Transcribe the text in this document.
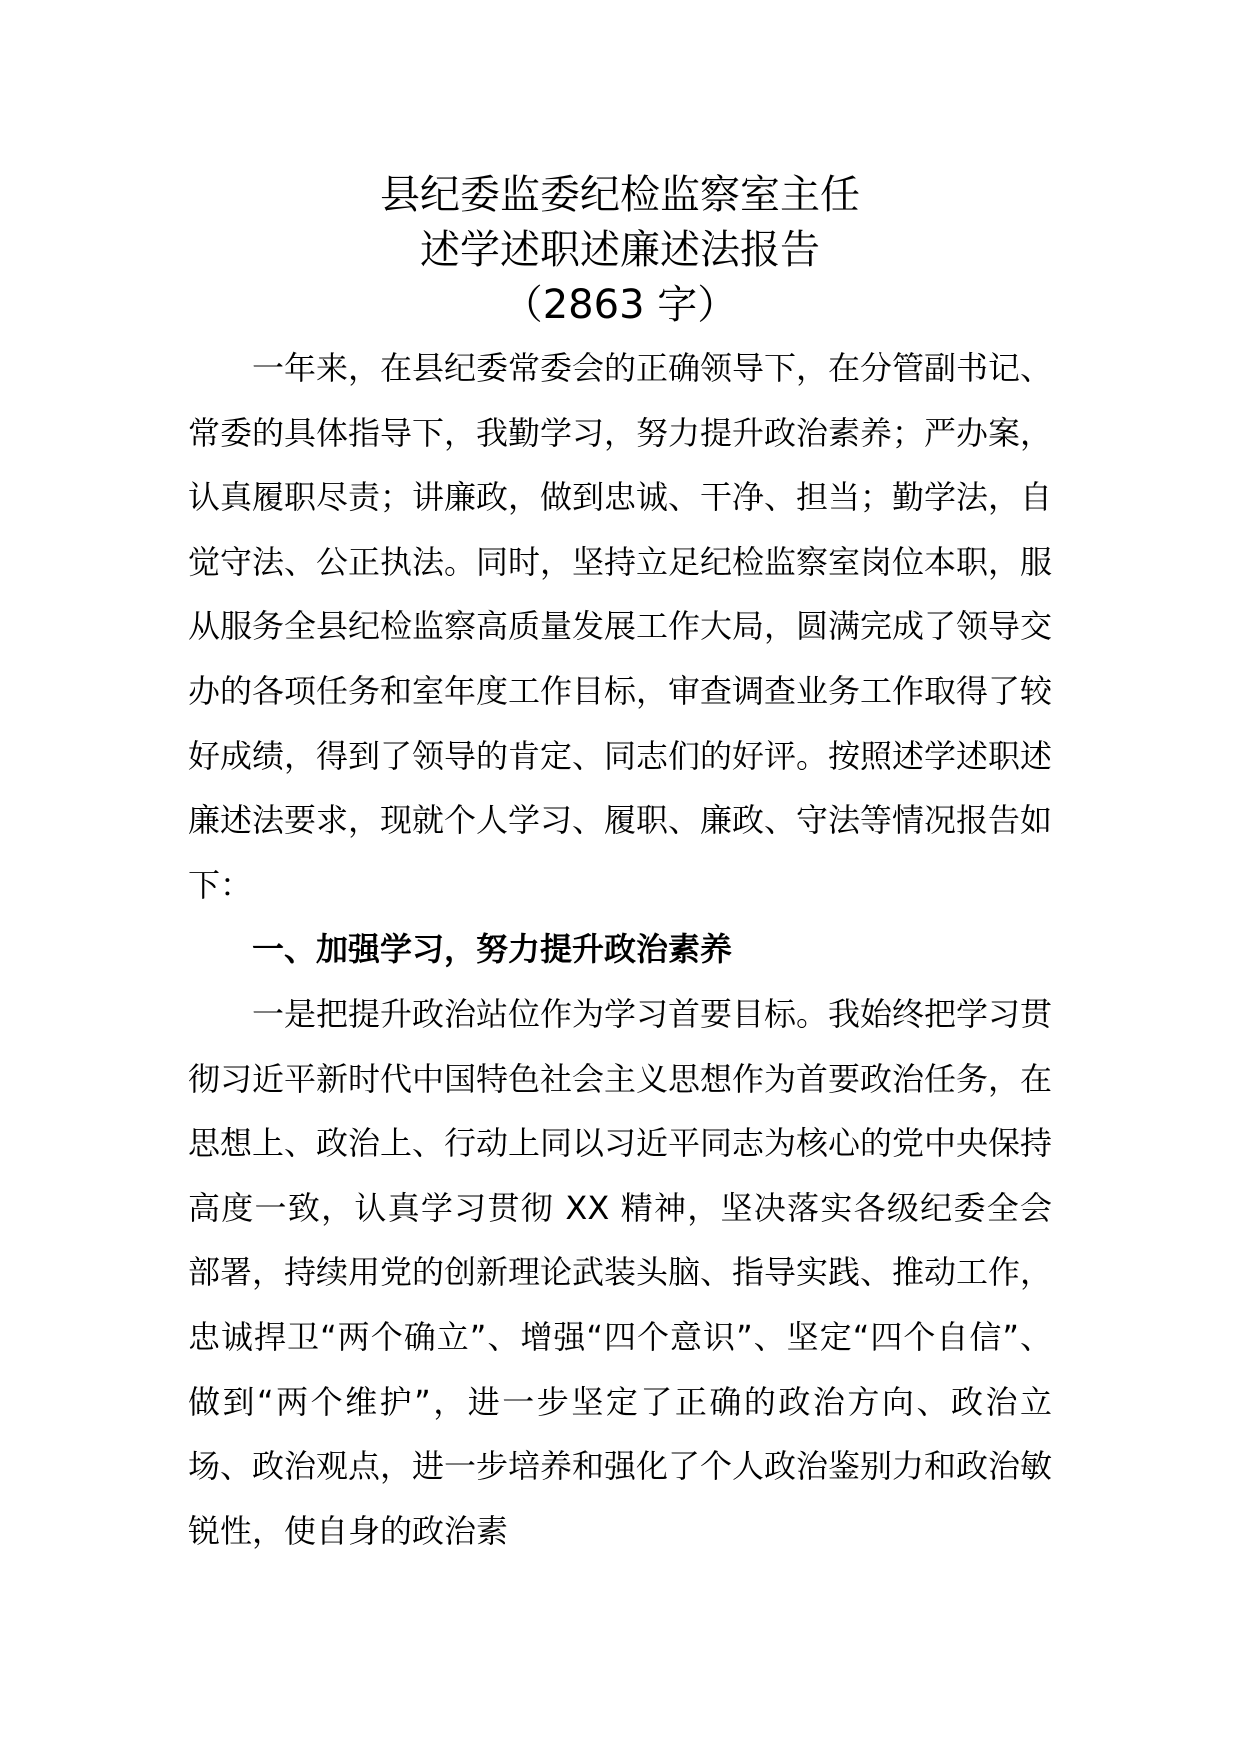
县纪委监委纪检监察室主任
述学述职述廉述法报告
（2863 字）

一年来，在县纪委常委会的正确领导下，在分管副书记、常委的具体指导下，我勤学习，努力提升政治素养；严办案，认真履职尽责；讲廉政，做到忠诚、干净、担当；勤学法，自觉守法、公正执法。同时，坚持立足纪检监察室岗位本职，服从服务全县纪检监察高质量发展工作大局，圆满完成了领导交办的各项任务和室年度工作目标，审查调查业务工作取得了较好成绩，得到了领导的肯定、同志们的好评。按照述学述职述廉述法要求，现就个人学习、履职、廉政、守法等情况报告如下：

一、加强学习，努力提升政治素养

一是把提升政治站位作为学习首要目标。我始终把学习贯彻习近平新时代中国特色社会主义思想作为首要政治任务，在思想上、政治上、行动上同以习近平同志为核心的党中央保持高度一致，认真学习贯彻 XX 精神，坚决落实各级纪委全会部署，持续用党的创新理论武装头脑、指导实践、推动工作，忠诚捍卫“两个确立”、增强“四个意识”、坚定“四个自信”、做到“两个维护”，进一步坚定了正确的政治方向、政治立场、政治观点，进一步培养和强化了个人政治鉴别力和政治敏锐性，使自身的政治素
